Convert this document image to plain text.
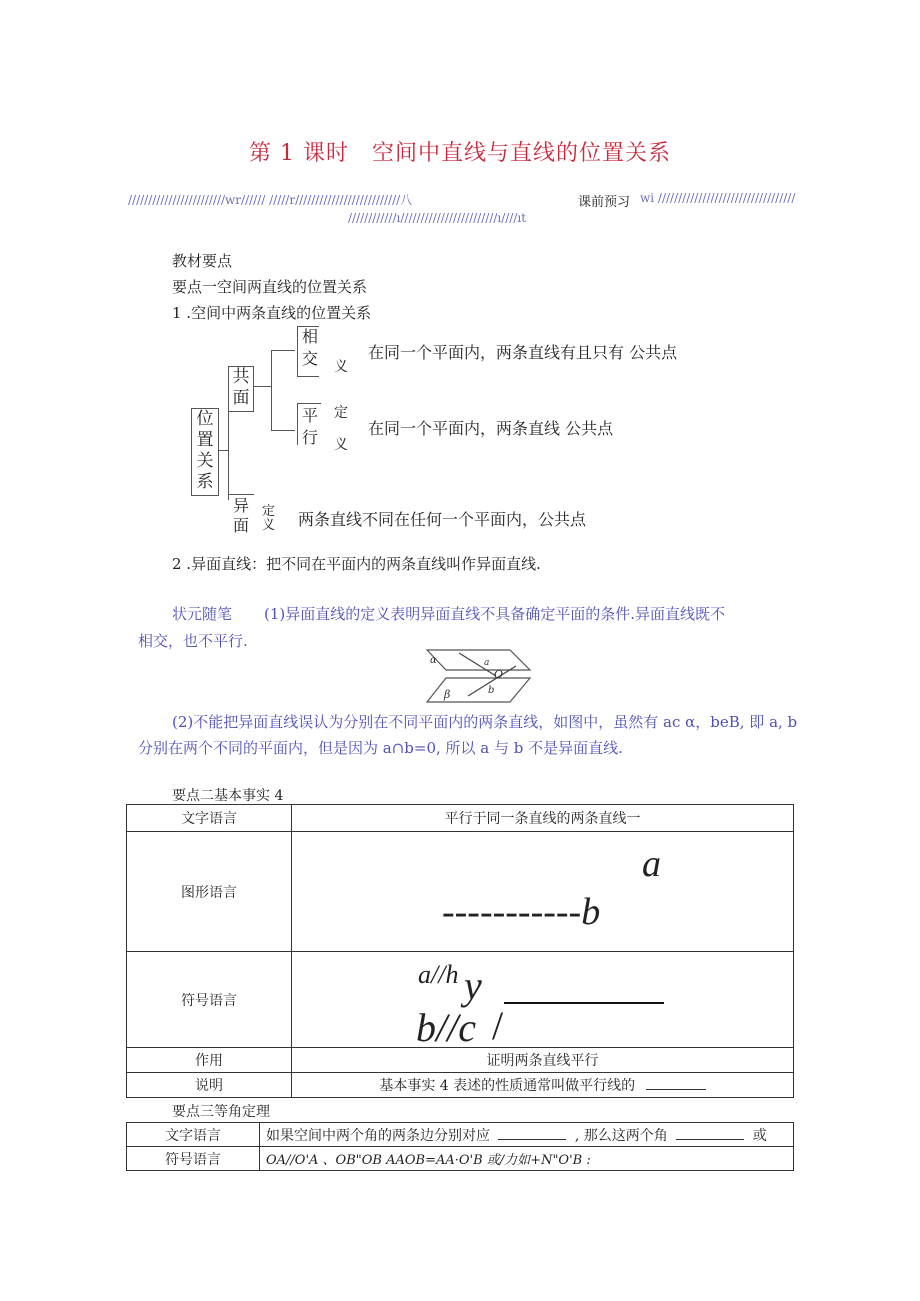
第 1 课时　空间中直线与直线的位置关系
////////////////////////wr////// /////r//////////////////////////八	课前预习 wi //////////////////////////////////
////////////ı////////////////////////ı////ıt
教材要点
要点一空间两直线的位置关系
1 .空间中两条直线的位置关系
位置关系
共面
相交
平行
异面
义
定
义
定
义
在同一个平面内，两条直线有且只有 公共点
在同一个平面内，两条直线 公共点
两条直线不同在任何一个平面内，公共点
2 .异面直线：把不同在平面内的两条直线叫作异面直线.
状元随笔 (1)异面直线的定义表明异面直线不具备确定平面的条件.异面直线既不
相交，也不平行.
α	a
O
β	b
(2)不能把异面直线误认为分别在不同平面内的两条直线，如图中，虽然有 ac α，beB, 即 a, b
分别在两个不同的平面内，但是因为 a∩b=0, 所以 a 与 b 不是异面直线.
要点二基本事实 4
文字语言	平行于同一条直线的两条直线一
图形语言	a
-----------b

符号语言	a//h y
b//c /

作用	证明两条直线平行
说明	基本事实 4 表述的性质通常叫做平行线的
要点三等角定理
文字语言	如果空间中两个角的两条边分别对应 , 那么这两个角 或
符号语言	OA//O'A 、OB"OB AAOB=AA·O'B 或/力如+N"O'B :
